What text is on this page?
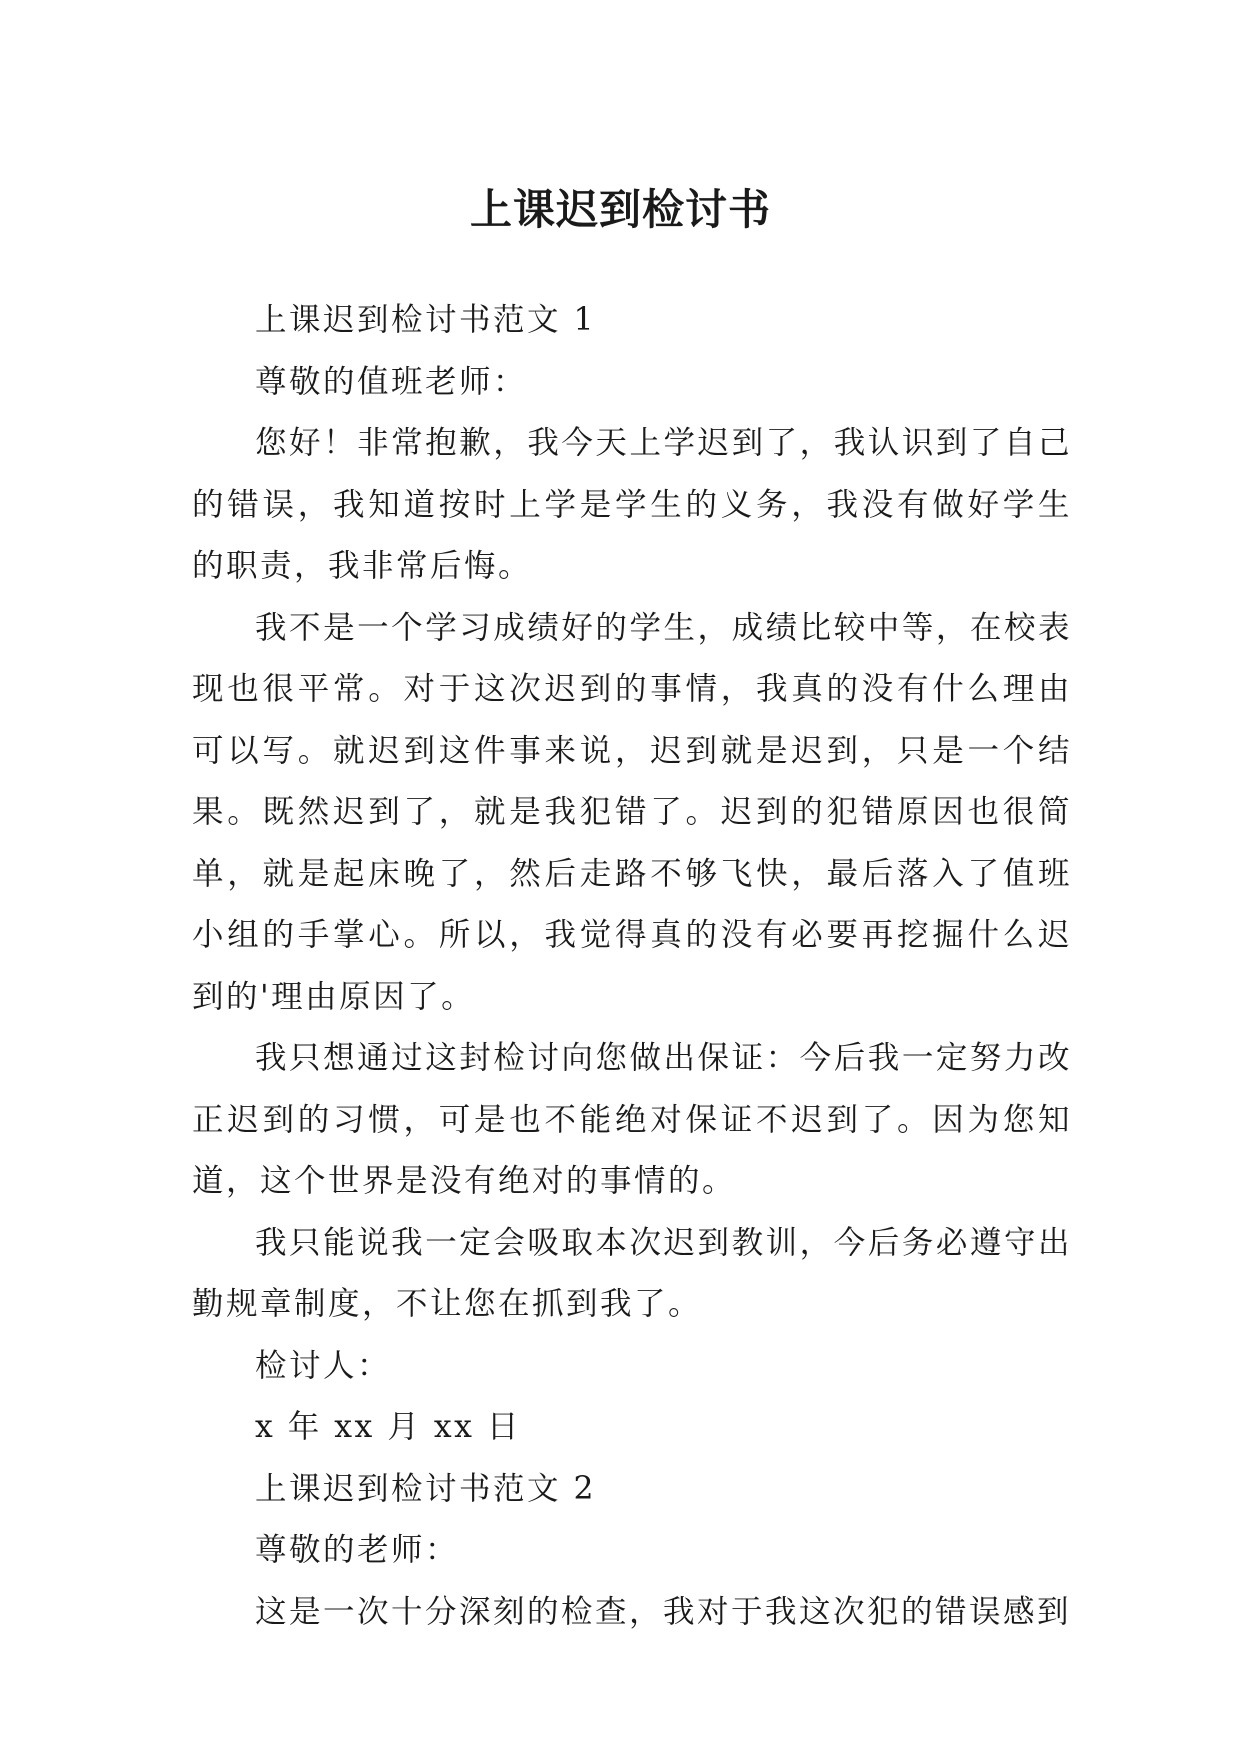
上课迟到检讨书

上课迟到检讨书范文 1

尊敬的值班老师：

您好！非常抱歉，我今天上学迟到了，我认识到了自己的错误，我知道按时上学是学生的义务，我没有做好学生的职责，我非常后悔。

我不是一个学习成绩好的学生，成绩比较中等，在校表现也很平常。对于这次迟到的事情，我真的没有什么理由可以写。就迟到这件事来说，迟到就是迟到，只是一个结果。既然迟到了，就是我犯错了。迟到的犯错原因也很简单，就是起床晚了，然后走路不够飞快，最后落入了值班小组的手掌心。所以，我觉得真的没有必要再挖掘什么迟到的'理由原因了。

我只想通过这封检讨向您做出保证：今后我一定努力改正迟到的习惯，可是也不能绝对保证不迟到了。因为您知道，这个世界是没有绝对的事情的。

我只能说我一定会吸取本次迟到教训，今后务必遵守出勤规章制度，不让您在抓到我了。

检讨人：

x 年 xx 月 xx 日

上课迟到检讨书范文 2

尊敬的老师：

这是一次十分深刻的检查，我对于我这次犯的错误感到
